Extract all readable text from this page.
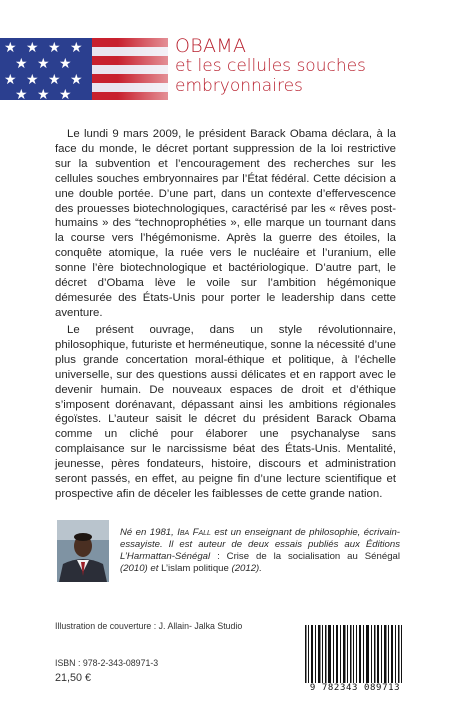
OBAMA
et les cellules souches
embryonnaires

Le lundi 9 mars 2009, le président Barack Obama déclara, à la face du monde, le décret portant suppression de la loi restrictive sur la subvention et l’encouragement des recherches sur les cellules souches embryonnaires par l’État fédéral. Cette décision a une double portée. D’une part, dans un contexte d’effervescence des prouesses biotechnologiques, caractérisé par les « rêves post-humains » des “technoprophéties », elle marque un tournant dans la course vers l’hégémonisme. Après la guerre des étoiles, la conquête atomique, la ruée vers le nucléaire et l’uranium, elle sonne l’ère biotechnologique et bactériologique. D’autre part, le décret d’Obama lève le voile sur l’ambition hégémonique démesurée des États-Unis pour porter le leadership dans cette aventure.

Le présent ouvrage, dans un style révolutionnaire, philosophique, futuriste et herméneutique, sonne la nécessité d’une plus grande concertation moral-éthique et politique, à l’échelle universelle, sur des questions aussi délicates et en rapport avec le devenir humain. De nouveaux espaces de droit et d’éthique s’imposent dorénavant, dépassant ainsi les ambitions régionales égoïstes. L’auteur saisit le décret du président Barack Obama comme un cliché pour élaborer une psychanalyse sans complaisance sur le narcissisme béat des États-Unis. Mentalité, jeunesse, pères fondateurs, histoire, discours et administration seront passés, en effet, au peigne fin d’une lecture scientifique et prospective afin de déceler les faiblesses de cette grande nation.

Né en 1981, Iba Fall est un enseignant de philosophie, écrivain-essayiste. Il est auteur de deux essais publiés aux Éditions L’Harmattan-Sénégal : Crise de la socialisation au Sénégal (2010) et L’islam politique (2012).
Illustration de couverture : J. Allain- Jalka Studio
ISBN : 978-2-343-08971-3
21,50 €
9 782343 089713
